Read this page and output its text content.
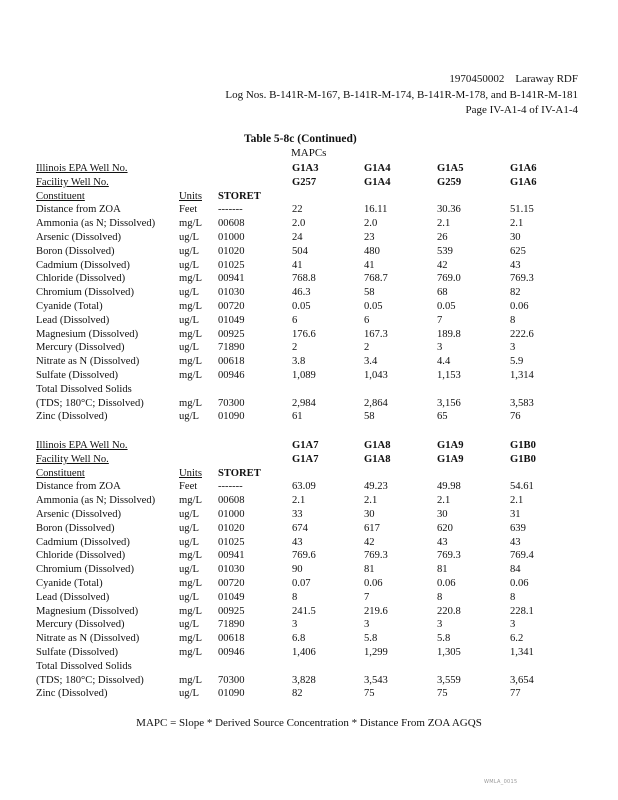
1970450002 Laraway RDF
Log Nos. B-141R-M-167, B-141R-M-174, B-141R-M-178, and B-141R-M-181
Page IV-A1-4 of IV-A1-4
Table 5-8c (Continued)
MAPCs
Illinois EPA Well No.	G1A3	G1A4	G1A5	G1A6
Facility Well No.	G257	G1A4	G259	G1A6
Constituent	Units STORET
Distance from ZOA	Feet -------	22	16.11	30.36	51.15
Ammonia (as N; Dissolved) mg/L 00608	2.0	2.0	2.1	2.1
Arsenic (Dissolved)	ug/L 01000	24	23	26	30
Boron (Dissolved)	ug/L 01020	504	480	539	625
Cadmium (Dissolved)	ug/L 01025	41	41	42	43
Chloride (Dissolved)	mg/L 00941	768.8	768.7	769.0	769.3
Chromium (Dissolved)	ug/L 01030	46.3	58	68	82
Cyanide (Total)	mg/L 00720	0.05	0.05	0.05	0.06
Lead (Dissolved)	ug/L 01049	6	6	7	8
Magnesium (Dissolved)	mg/L 00925	176.6	167.3	189.8	222.6
Mercury (Dissolved)	ug/L 71890	2	2	3	3
Nitrate as N (Dissolved)	mg/L 00618	3.8	3.4	4.4	5.9
Sulfate (Dissolved)	mg/L 00946	1,089	1,043	1,153	1,314
Total Dissolved Solids
(TDS; 180°C; Dissolved)	mg/L 70300	2,984	2,864	3,156	3,583
Zinc (Dissolved)	ug/L 01090	61	58	65	76
Illinois EPA Well No.	G1A7	G1A8	G1A9	G1B0
Facility Well No.	G1A7	G1A8	G1A9	G1B0
Constituent	Units STORET
Distance from ZOA	Feet -------	63.09	49.23	49.98	54.61
Ammonia (as N; Dissolved) mg/L 00608	2.1	2.1	2.1	2.1
Arsenic (Dissolved)	ug/L 01000	33	30	30	31
Boron (Dissolved)	ug/L 01020	674	617	620	639
Cadmium (Dissolved)	ug/L 01025	43	42	43	43
Chloride (Dissolved)	mg/L 00941	769.6	769.3	769.3	769.4
Chromium (Dissolved)	ug/L 01030	90	81	81	84
Cyanide (Total)	mg/L 00720	0.07	0.06	0.06	0.06
Lead (Dissolved)	ug/L 01049	8	7	8	8
Magnesium (Dissolved)	mg/L 00925	241.5	219.6	220.8	228.1
Mercury (Dissolved)	ug/L 71890	3	3	3	3
Nitrate as N (Dissolved)	mg/L 00618	6.8	5.8	5.8	6.2
Sulfate (Dissolved)	mg/L 00946	1,406	1,299	1,305	1,341
Total Dissolved Solids
(TDS; 180°C; Dissolved)	mg/L 70300	3,828	3,543	3,559	3,654
Zinc (Dissolved)	ug/L 01090	82	75	75	77
MAPC = Slope * Derived Source Concentration * Distance From ZOA AGQS
WMLA_0015
